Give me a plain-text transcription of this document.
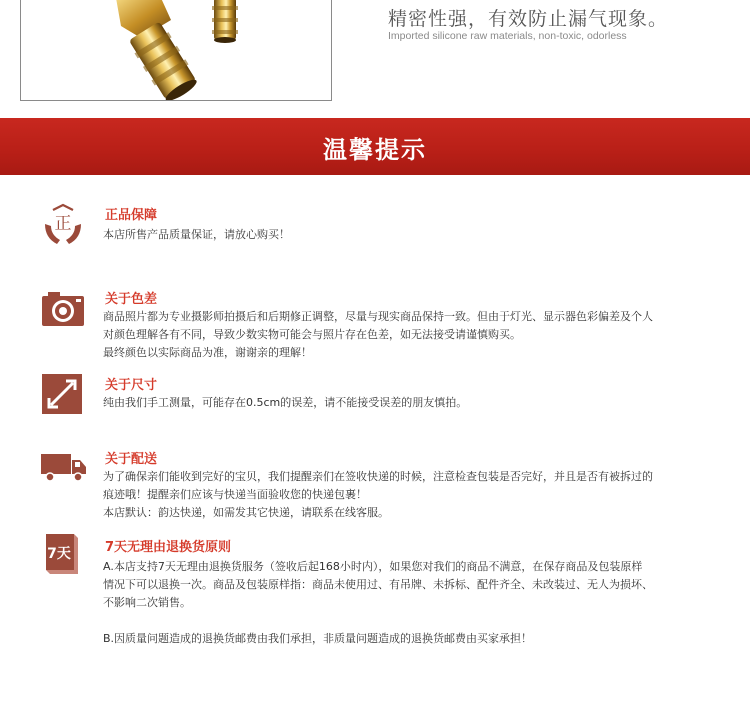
精密性强，有效防止漏气现象。
Imported silicone raw materials, non-toxic, odorless
温馨提示
正	正品保障

本店所售产品质量保证，请放心购买！

关于色差

商品照片都为专业摄影师拍摄后和后期修正调整，尽量与现实商品保持一致。但由于灯光、显示器色彩偏差及个人

对颜色理解各有不同，导致少数实物可能会与照片存在色差，如无法接受请谨慎购买。

最终颜色以实际商品为准，谢谢亲的理解！

关于尺寸

纯由我们手工测量，可能存在0.5cm的误差，请不能接受误差的朋友慎拍。

关于配送

为了确保亲们能收到完好的宝贝，我们提醒亲们在签收快递的时候，注意检查包装是否完好，并且是否有被拆过的

痕迹哦！提醒亲们应该与快递当面验收您的快递包裹！

本店默认：韵达快递，如需发其它快递，请联系在线客服。

7天	7天无理由退换货原则

A.本店支持7天无理由退换货服务（签收后起168小时内），如果您对我们的商品不满意，在保存商品及包装原样

情况下可以退换一次。商品及包装原样指：商品未使用过、有吊牌、未拆标、配件齐全、未改装过、无人为损坏、

不影响二次销售。

B.因质量问题造成的退换货邮费由我们承担，非质量问题造成的退换货邮费由买家承担！
